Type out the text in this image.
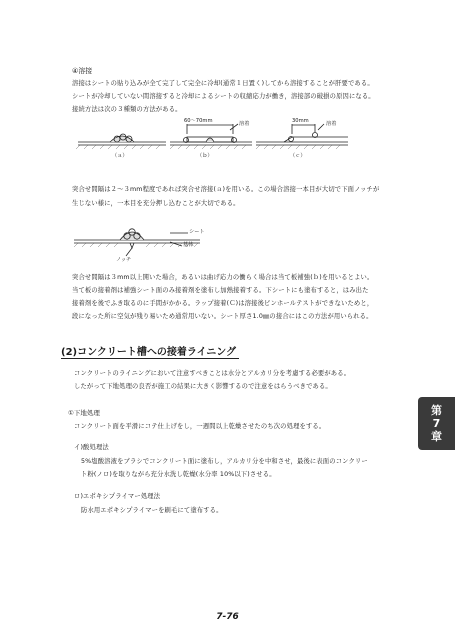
④溶接
溶接はシートの貼り込みが全て完了して完全に冷却(通常１日置く)してから溶接することが肝要である。
シートが冷却していない間溶接すると冷却によるシートの収縮応力が働き，溶接部の破損の原因になる。
接続方法は次の３種類の方法がある。
60～70mm	溶着	30mm	溶着
（ａ）	（ｂ）	（ｃ）
突合せ間隔は２～３mm程度であれば突合せ溶接(ａ)を用いる。この場合溶接一本目が大切で下面ノッチが
生じない様に，一本目を充分押し込むことが大切である。
シート
基体
ノッチ
突合せ間隔は３mm以上開いた場合，あるいは曲げ応力の働らく場合は当て板補強(ｂ)を用いるとよい。
当て板の接着剤は補強シート面のみ接着剤を塗布し加熱接着する。下シートにも塗布すると，はみ出た
接着剤を後でふき取るのに手間がかかる。ラップ接着(Ｃ)は溶接後ピンホールテストができないためと，
段になった所に空気が残り易いため通常用いない。シート厚さ1.0㎜の接合にはこの方法が用いられる。
(2)コンクリート槽への接着ライニング
コンクリートのライニングにおいて注意すべきことは水分とアルカリ分を考慮する必要がある。
したがって下地処理の良否が施工の結果に大きく影響するので注意をはらうべきである。
①下地処理
コンクリート面を平滑にコテ仕上げをし，一週間以上乾燥させたのち次の処理をする。
イ)酸処理法
5%塩酸溶液をブラシでコンクリート面に塗布し，アルカリ分を中和させ，最後に表面のコンクリー
ト粉(ノロ)を取りながら充分水洗し乾燥(水分率 10%以下)させる。
ロ)エポキシプライマー処理法
防水用エポキシプライマーを刷毛にて塗布する。
第
7
章
7-76
